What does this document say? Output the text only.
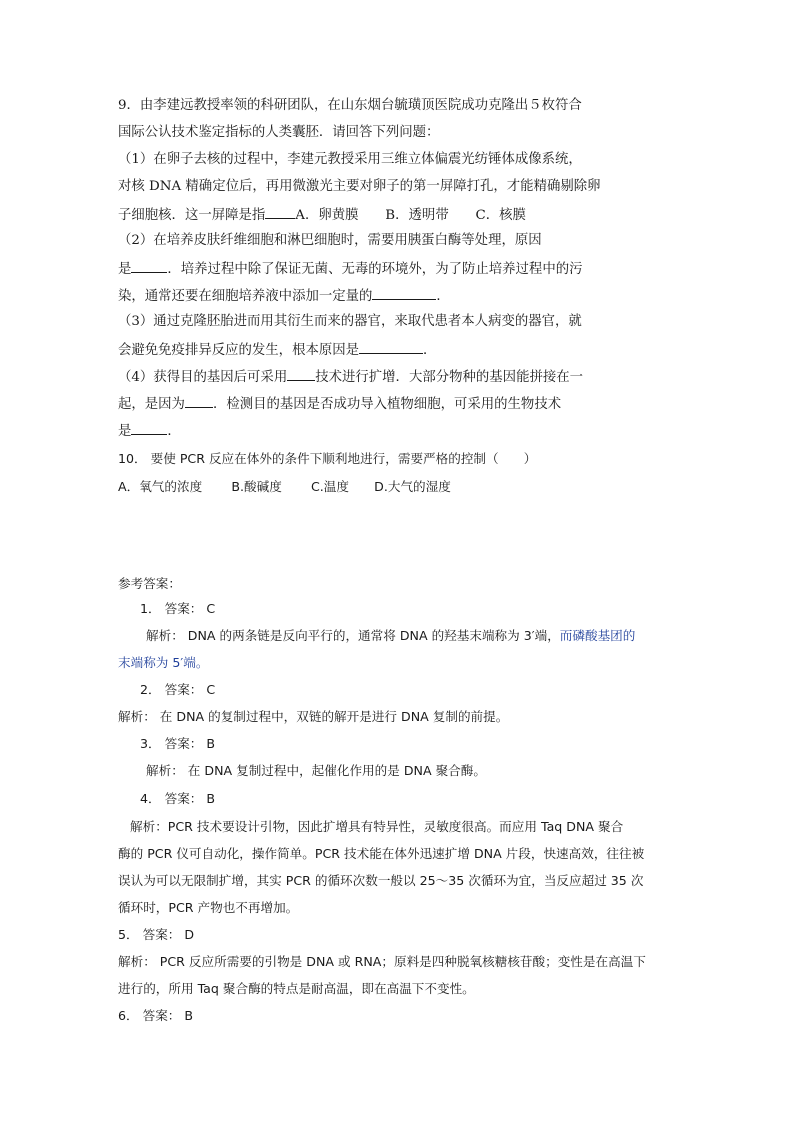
9．由李建远教授率领的科研团队，在山东烟台毓璜顶医院成功克隆出５枚符合
国际公认技术鉴定指标的人类囊胚．请回答下列问题：
（1）在卵子去核的过程中，李建元教授采用三维立体偏震光纺锤体成像系统，
对核 DNA 精确定位后，再用微激光主要对卵子的第一屏障打孔，才能精确剔除卵
子细胞核．这一屏障是指 A．卵黄膜　　B．透明带　　C．核膜
（2）在培养皮肤纤维细胞和淋巴细胞时，需要用胰蛋白酶等处理，原因
是	．培养过程中除了保证无菌、无毒的环境外，为了防止培养过程中的污
染，通常还要在细胞培养液中添加一定量的	．
（3）通过克隆胚胎进而用其衍生而来的器官，来取代患者本人病变的器官，就
会避免免疫排异反应的发生，根本原因是	．
（4）获得目的基因后可采用 技术进行扩增．大部分物种的基因能拼接在一
起，是因为 ．检测目的基因是否成功导入植物细胞，可采用的生物技术
是	．
10． 要使 PCR 反应在体外的条件下顺利地进行，需要严格的控制（　　）
A．氧气的浓度　　 B.酸碱度　　 C.温度　　D.大气的湿度
参考答案：
1． 答案： C
解析： DNA 的两条链是反向平行的，通常将 DNA 的羟基末端称为 3′端，而磷酸基团的
末端称为 5′端。
2． 答案： C
解析： 在 DNA 的复制过程中，双链的解开是进行 DNA 复制的前提。
3． 答案： B
解析： 在 DNA 复制过程中，起催化作用的是 DNA 聚合酶。
4． 答案： B
解析：PCR 技术要设计引物，因此扩增具有特异性，灵敏度很高。而应用 Taq DNA 聚合
酶的 PCR 仪可自动化，操作简单。PCR 技术能在体外迅速扩增 DNA 片段，快速高效，往往被
误认为可以无限制扩增，其实 PCR 的循环次数一般以 25～35 次循环为宜，当反应超过 35 次
循环时，PCR 产物也不再增加。
5． 答案： D
解析： PCR 反应所需要的引物是 DNA 或 RNA；原料是四种脱氧核糖核苷酸；变性是在高温下
进行的，所用 Taq 聚合酶的特点是耐高温，即在高温下不变性。
6． 答案： B
